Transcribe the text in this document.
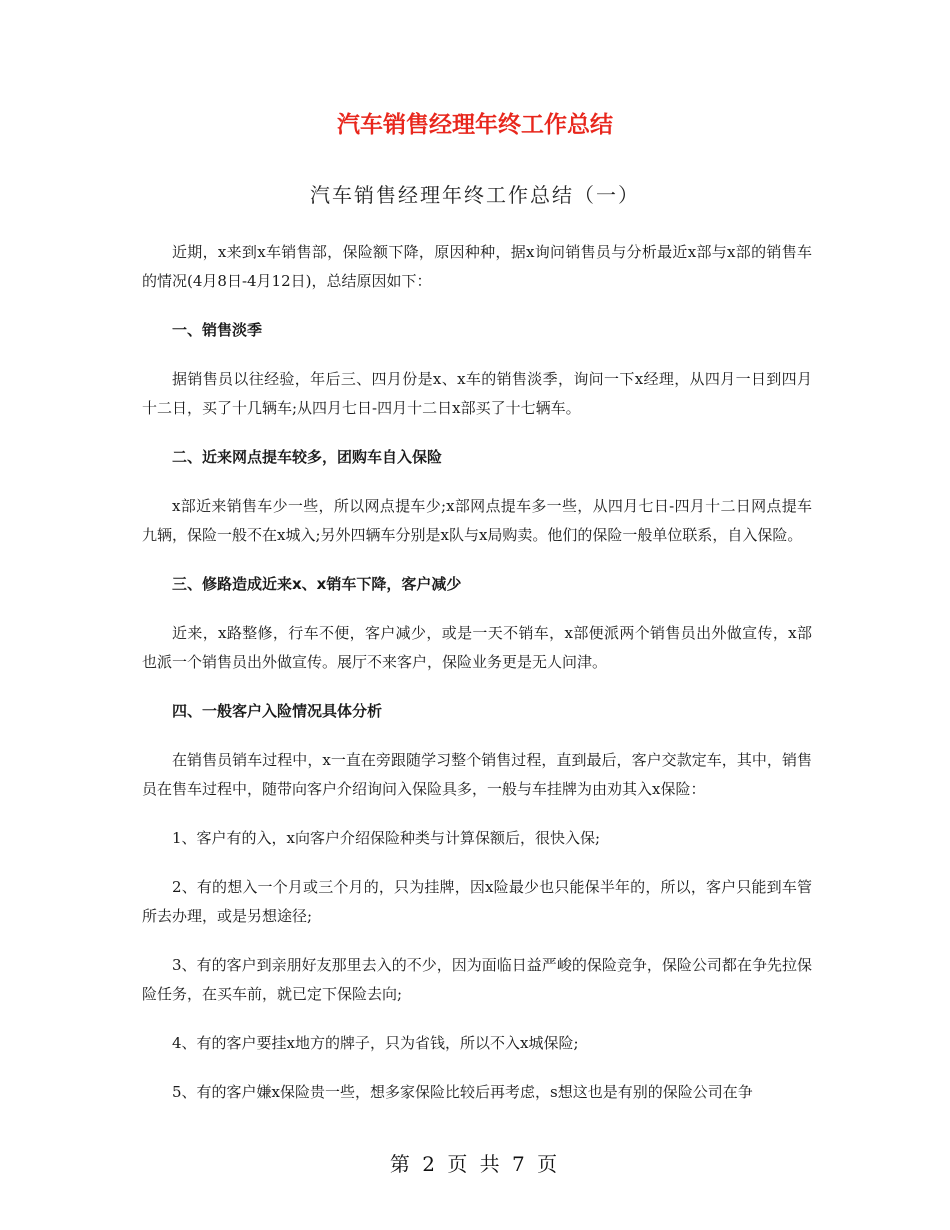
汽车销售经理年终工作总结
汽车销售经理年终工作总结（一）

近期，x来到x车销售部，保险额下降，原因种种，据x询问销售员与分析最近x部与x部的销售车的情况(4月8日-4月12日)，总结原因如下：

一、销售淡季

据销售员以往经验，年后三、四月份是x、x车的销售淡季，询问一下x经理，从四月一日到四月十二日，买了十几辆车;从四月七日-四月十二日x部买了十七辆车。

二、近来网点提车较多，团购车自入保险

x部近来销售车少一些，所以网点提车少;x部网点提车多一些，从四月七日-四月十二日网点提车九辆，保险一般不在x城入;另外四辆车分别是x队与x局购卖。他们的保险一般单位联系，自入保险。

三、修路造成近来x、x销车下降，客户减少

近来，x路整修，行车不便，客户减少，或是一天不销车，x部便派两个销售员出外做宣传，x部也派一个销售员出外做宣传。展厅不来客户，保险业务更是无人问津。

四、一般客户入险情况具体分析

在销售员销车过程中，x一直在旁跟随学习整个销售过程，直到最后，客户交款定车，其中，销售员在售车过程中，随带向客户介绍询问入保险具多，一般与车挂牌为由劝其入x保险：

1、客户有的入，x向客户介绍保险种类与计算保额后，很快入保;

2、有的想入一个月或三个月的，只为挂牌，因x险最少也只能保半年的，所以，客户只能到车管所去办理，或是另想途径;

3、有的客户到亲朋好友那里去入的不少，因为面临日益严峻的保险竞争，保险公司都在争先拉保险任务，在买车前，就已定下保险去向;

4、有的客户要挂x地方的牌子，只为省钱，所以不入x城保险;

5、有的客户嫌x保险贵一些，想多家保险比较后再考虑，s想这也是有别的保险公司在争

第 2 页 共 7 页
